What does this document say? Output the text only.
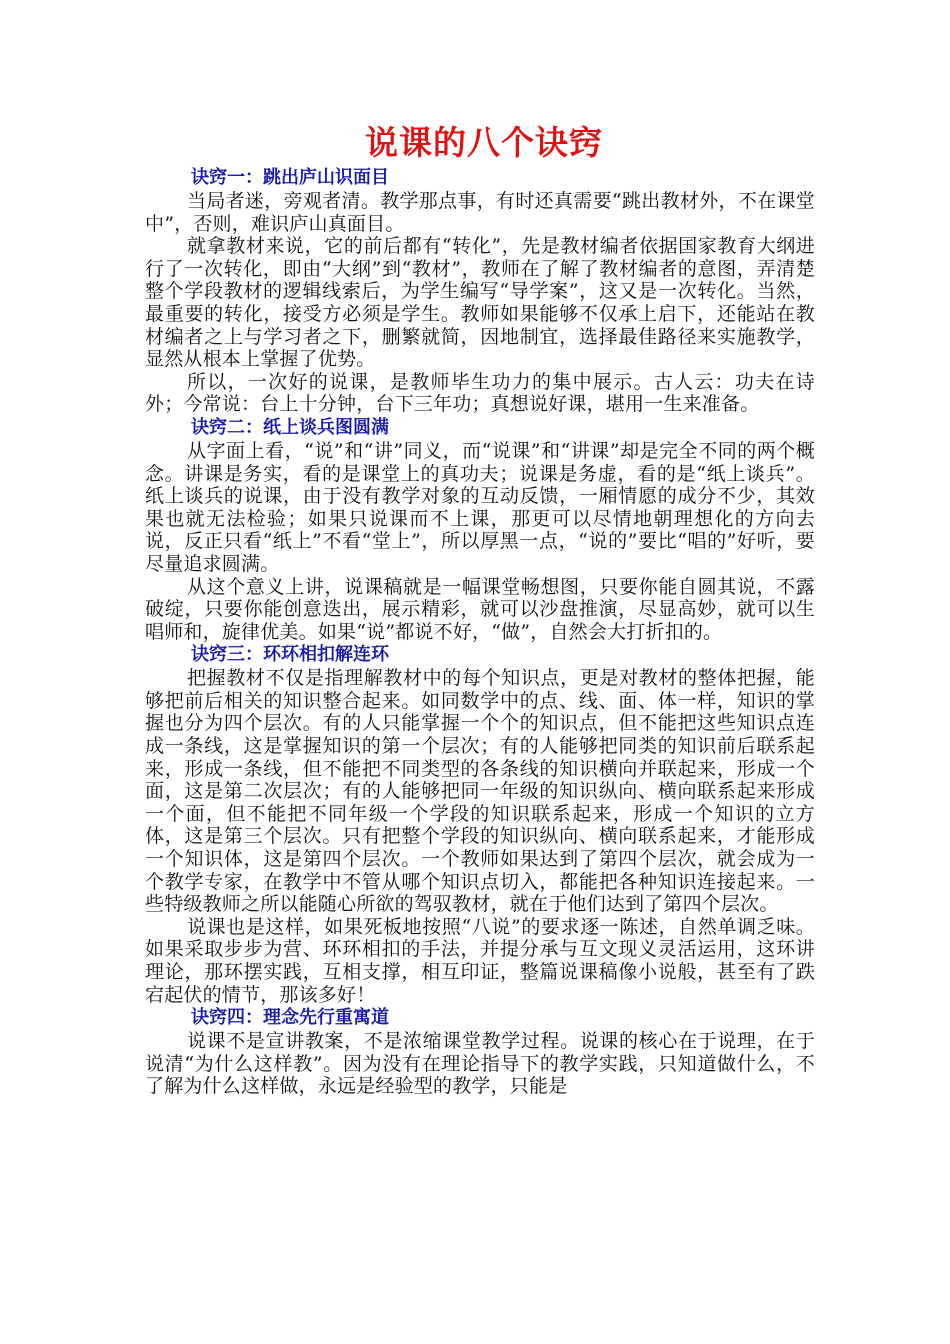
说课的八个诀窍
诀窍一：跳出庐山识面目

当局者迷，旁观者清。教学那点事，有时还真需要“跳出教材外，不在课堂中”，否则，难识庐山真面目。

就拿教材来说，它的前后都有“转化”，先是教材编者依据国家教育大纲进行了一次转化，即由“大纲”到“教材”，教师在了解了教材编者的意图，弄清楚整个学段教材的逻辑线索后，为学生编写“导学案”，这又是一次转化。当然，最重要的转化，接受方必须是学生。教师如果能够不仅承上启下，还能站在教材编者之上与学习者之下，删繁就简，因地制宜，选择最佳路径来实施教学，显然从根本上掌握了优势。

所以，一次好的说课，是教师毕生功力的集中展示。古人云：功夫在诗外；今常说：台上十分钟，台下三年功；真想说好课，堪用一生来准备。

诀窍二：纸上谈兵图圆满

从字面上看，“说”和“讲”同义，而“说课”和“讲课”却是完全不同的两个概念。讲课是务实，看的是课堂上的真功夫；说课是务虚，看的是“纸上谈兵”。纸上谈兵的说课，由于没有教学对象的互动反馈，一厢情愿的成分不少，其效果也就无法检验；如果只说课而不上课，那更可以尽情地朝理想化的方向去说，反正只看“纸上”不看“堂上”，所以厚黑一点，“说的”要比“唱的”好听，要尽量追求圆满。

从这个意义上讲，说课稿就是一幅课堂畅想图，只要你能自圆其说，不露破绽，只要你能创意迭出，展示精彩，就可以沙盘推演，尽显高妙，就可以生唱师和，旋律优美。如果“说”都说不好，“做”，自然会大打折扣的。

诀窍三：环环相扣解连环

把握教材不仅是指理解教材中的每个知识点，更是对教材的整体把握，能够把前后相关的知识整合起来。如同数学中的点、线、面、体一样，知识的掌握也分为四个层次。有的人只能掌握一个个的知识点，但不能把这些知识点连成一条线，这是掌握知识的第一个层次；有的人能够把同类的知识前后联系起来，形成一条线，但不能把不同类型的各条线的知识横向并联起来，形成一个面，这是第二次层次；有的人能够把同一年级的知识纵向、横向联系起来形成一个面，但不能把不同年级一个学段的知识联系起来，形成一个知识的立方体，这是第三个层次。只有把整个学段的知识纵向、横向联系起来，才能形成一个知识体，这是第四个层次。一个教师如果达到了第四个层次，就会成为一个教学专家，在教学中不管从哪个知识点切入，都能把各种知识连接起来。一些特级教师之所以能随心所欲的驾驭教材，就在于他们达到了第四个层次。

说课也是这样，如果死板地按照“八说”的要求逐一陈述，自然单调乏味。如果采取步步为营、环环相扣的手法，并提分承与互文现义灵活运用，这环讲理论，那环摆实践，互相支撑，相互印证，整篇说课稿像小说般，甚至有了跌宕起伏的情节，那该多好！

诀窍四：理念先行重寓道

说课不是宣讲教案，不是浓缩课堂教学过程。说课的核心在于说理，在于说清“为什么这样教”。因为没有在理论指导下的教学实践，只知道做什么，不了解为什么这样做，永远是经验型的教学，只能是
